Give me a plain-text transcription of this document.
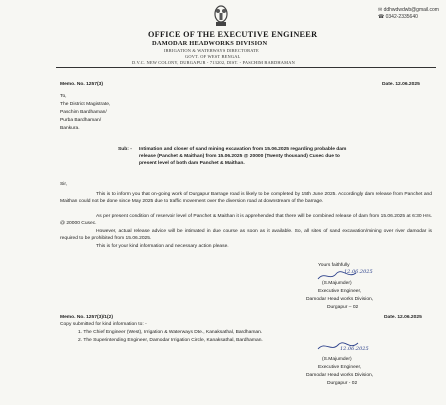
✉ ddhwdwdwb@gmail.com
☎ 0342-2335640
OFFICE OF THE EXECUTIVE ENGINEER
DAMODAR HEADWORKS DIVISION
IRRIGATION & WATERWAYS DIRECTORATE
GOVT. OF WEST BENGAL
D.V.C. NEW COLONY, DURGAPUR - 713202, DIST. - PASCHIM BARDHAMAN
Memo. No. 1257(3)	Date. 12.06.2025
To,
The District Magistrate,
Paschim Bardhaman/
Purba Bardhaman/
Bankura.
Sub: - Intimation and closer of sand mining excavation from 15.06.2025 regarding probable dam
release (Panchet & Maithan) from 15.06.2025 @ 20000 (Twenty thousand) Cusec due to
present level of both dam Panchet & Maithan.
Sir,
This is to inform you that on-going work of Durgapur Barrage road is likely to be completed by 15th June 2025. Accordingly dam release from Panchet and Maithan could not be done since May 2025 due to traffic movement over the diversion road at downstream of the barrage.
As per present condition of reservoir level of Panchet & Maithan it is apprehended that there will be combined release of dam from 15.06.2025 at 6:30 Hrs. @ 20000 Cusec.
However, actual release advice will be intimated in due course as soon as it available. So, all sites of sand excavation/mining over river damodar is required to be prohibited from 15.06.2025.
This is for your kind information and necessary action please.
Yours faithfully
12.06.2025
(S.Majumder)
Executive Engineer,
Damodar Head works Division,
Durgapur – 02
Memo. No. 1257(3)/1(2)	Date. 12.06.2025
Copy submitted for kind information to: -
1. The Chief Engineer (West), Irrigation & Waterways Dte., Kanaksathal, Bardhaman.
2. The Superintending Engineer, Damodar Irrigation Circle, Kanaksathal, Bardhaman.
12.06.2025
(S.Majumder)
Executive Engineer,
Damodar Head works Division,
Durgapur - 02
